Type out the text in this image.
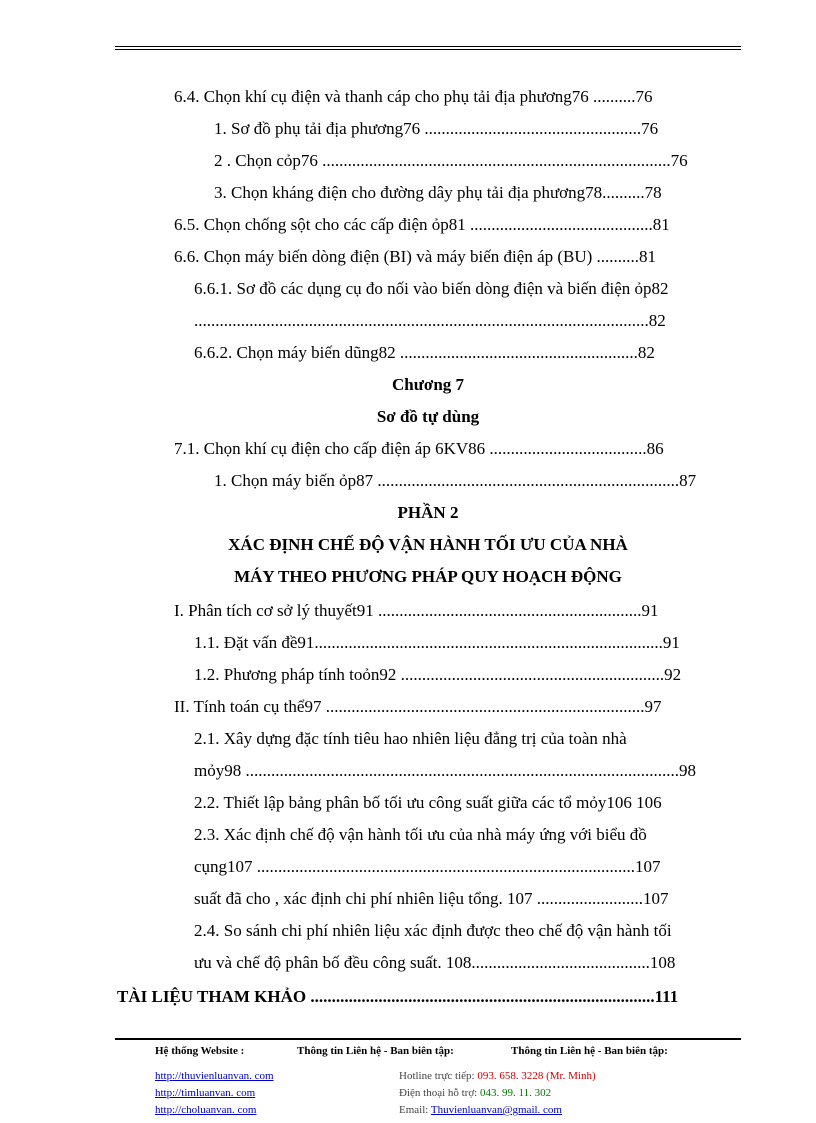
6.4. Chọn khí cụ điện và thanh cáp cho phụ tải địa phương76 ..........76
1. Sơ đồ phụ tải địa phương76 ...................................................76
2 . Chọn cỏp76 ..................................................................................76
3. Chọn kháng điện cho đường dây phụ tải địa phương78..........78
6.5. Chọn chống sột cho các cấp điện ỏp81 ...........................................81
6.6. Chọn máy biến dòng điện (BI) và máy biến điện áp (BU) ..........81
6.6.1. Sơ đồ các dụng cụ đo nối vào biến dòng điện và biến điện ỏp82
...........................................................................................................82
6.6.2. Chọn máy biến dũng82 ........................................................82
Chương 7
Sơ đồ tự dùng
7.1. Chọn khí cụ điện cho cấp điện áp 6KV86 .....................................86
1. Chọn máy biến ỏp87 .......................................................................87
PHẦN 2
XÁC ĐỊNH CHẾ ĐỘ VẬN HÀNH TỐI ƯU CỦA NHÀ
MÁY THEO PHƯƠNG PHÁP QUY HOẠCH ĐỘNG
I. Phân tích cơ sở lý thuyết91 ..............................................................91
1.1. Đặt vấn đề91..................................................................................91
1.2. Phương pháp tính toỏn92 ..............................................................92
II. Tính toán cụ thể97 ...........................................................................97
2.1. Xây dựng đặc tính tiêu hao nhiên liệu đẳng trị của toàn nhà
mỏy98 ......................................................................................................98
2.2. Thiết lập bảng phân bố tối ưu công suất giữa các tổ mỏy106 106
2.3. Xác định chế độ vận hành tối ưu của nhà máy ứng với biểu đồ
cụng107 .........................................................................................107
suất đã cho , xác định chi phí nhiên liệu tổng. 107 .........................107
2.4. So sánh chi phí nhiên liệu xác định được theo chế độ vận hành tối
ưu và chế độ phân bố đều công suất. 108..........................................108
TÀI LIỆU THAM KHẢO .................................................................................111
Hệ thống Website :
http://thuvienluanvan. com
http://timluanvan. com
http://choluanvan. com
Thông tin Liên hệ - Ban biên tập:	Thông tin Liên hệ - Ban biên tập:
Hotline trực tiếp: 093. 658. 3228 (Mr. Minh)
Điện thoại hỗ trợ: 043. 99. 11. 302
Email: Thuvienluanvan@gmail. com
